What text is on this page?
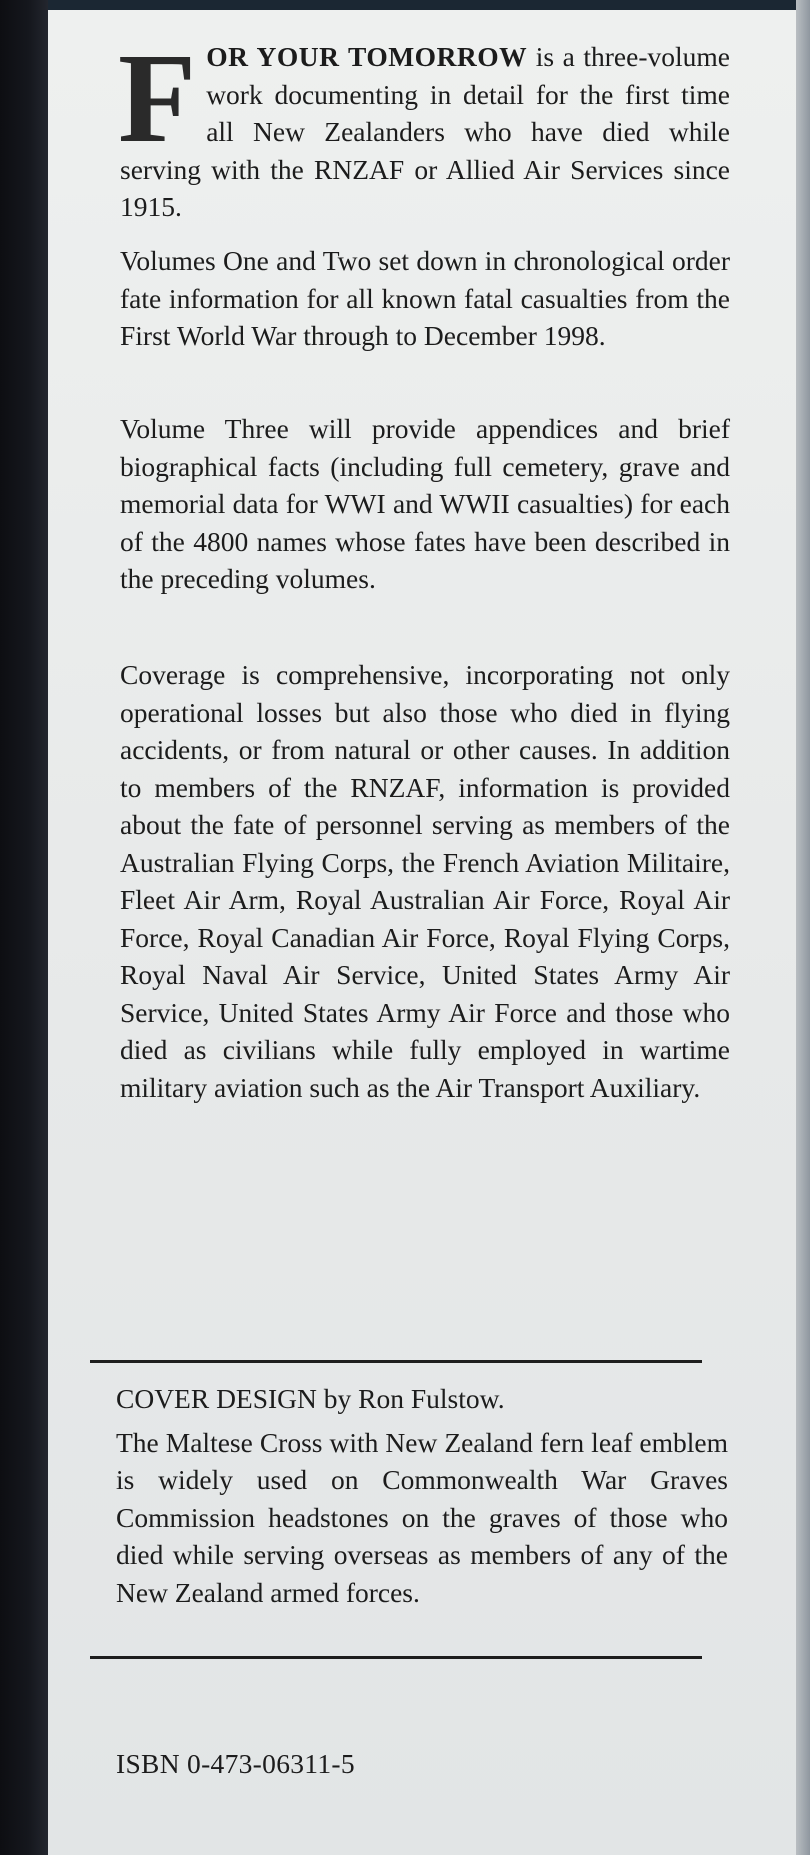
FOR YOUR TOMORROW is a three-volume work documenting in detail for the first time all New Zealanders who have died while serving with the RNZAF or Allied Air Services since 1915.

Volumes One and Two set down in chronological order fate information for all known fatal casualties from the First World War through to December 1998.

Volume Three will provide appendices and brief biographical facts (including full cemetery, grave and memorial data for WWI and WWII casualties) for each of the 4800 names whose fates have been described in the preceding volumes.

Coverage is comprehensive, incorporating not only operational losses but also those who died in flying accidents, or from natural or other causes. In addition to members of the RNZAF, information is provided about the fate of personnel serving as members of the Australian Flying Corps, the French Aviation Militaire, Fleet Air Arm, Royal Australian Air Force, Royal Air Force, Royal Canadian Air Force, Royal Flying Corps, Royal Naval Air Service, United States Army Air Service, United States Army Air Force and those who died as civilians while fully employed in wartime military aviation such as the Air Transport Auxiliary.

COVER DESIGN by Ron Fulstow.

The Maltese Cross with New Zealand fern leaf emblem is widely used on Commonwealth War Graves Commission headstones on the graves of those who died while serving overseas as members of any of the New Zealand armed forces.

ISBN 0-473-06311-5
